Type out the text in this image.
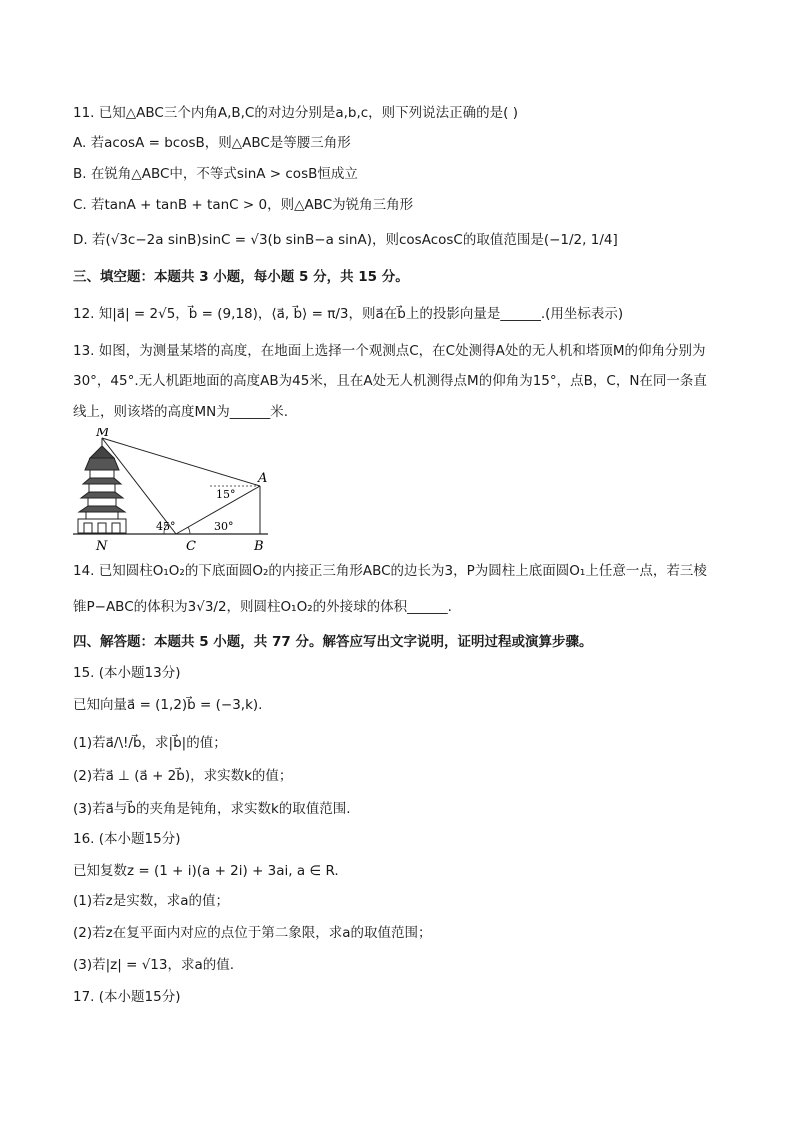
11. 已知△ABC三个内角A,B,C的对边分别是a,b,c，则下列说法正确的是( )
A. 若acosA = bcosB，则△ABC是等腰三角形
B. 在锐角△ABC中，不等式sinA > cosB恒成立
C. 若tanA + tanB + tanC > 0，则△ABC为锐角三角形
D. 若(√3c−2a sinB)sinC = √3(b sinB−a sinA)，则cosAcosC的取值范围是(−1/2, 1/4]
三、填空题：本题共 3 小题，每小题 5 分，共 15 分。
12. 知|a⃗| = 2√5，b⃗ = (9,18)，⟨a⃗, b⃗⟩ = π/3，则a⃗在b⃗上的投影向量是______.(用坐标表示)
13. 如图，为测量某塔的高度，在地面上选择一个观测点C，在C处测得A处的无人机和塔顶M的仰角分别为
30°，45°.无人机距地面的高度AB为45米，且在A处无人机测得点M的仰角为15°，点B，C，N在同一条直
线上，则该塔的高度MN为______米.
M
A
N	C	B
15°
45°	30°
14. 已知圆柱O₁O₂的下底面圆O₂的内接正三角形ABC的边长为3，P为圆柱上底面圆O₁上任意一点，若三棱
锥P−ABC的体积为3√3/2，则圆柱O₁O₂的外接球的体积______.
四、解答题：本题共 5 小题，共 77 分。解答应写出文字说明，证明过程或演算步骤。
15. (本小题13分)
已知向量a⃗ = (1,2)b⃗ = (−3,k).
(1)若a⃗/\!/b⃗，求|b⃗|的值；
(2)若a⃗ ⊥ (a⃗ + 2b⃗)，求实数k的值；
(3)若a⃗与b⃗的夹角是钝角，求实数k的取值范围.
16. (本小题15分)
已知复数z = (1 + i)(a + 2i) + 3ai, a ∈ R.
(1)若z是实数，求a的值；
(2)若z在复平面内对应的点位于第二象限，求a的取值范围；
(3)若|z| = √13，求a的值.
17. (本小题15分)
